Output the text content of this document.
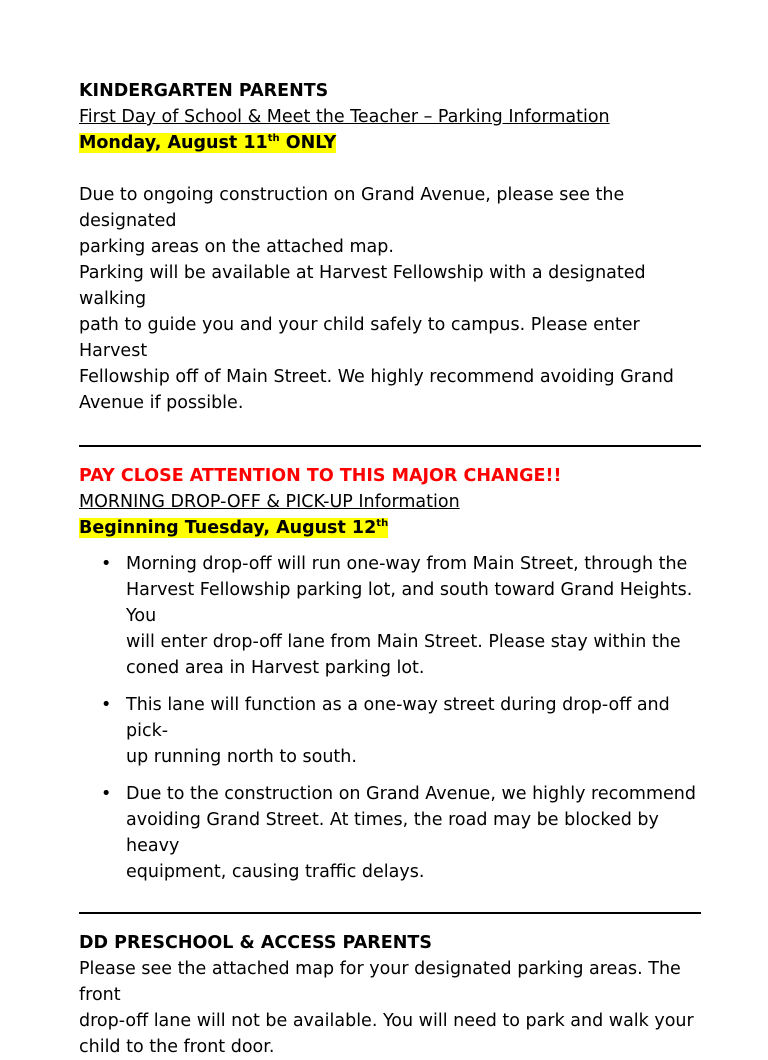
KINDERGARTEN PARENTS

First Day of School & Meet the Teacher – Parking Information

Monday, August 11th ONLY

Due to ongoing construction on Grand Avenue, please see the designated
parking areas on the attached map.

Parking will be available at Harvest Fellowship with a designated walking
path to guide you and your child safely to campus. Please enter Harvest
Fellowship off of Main Street. We highly recommend avoiding Grand
Avenue if possible.

PAY CLOSE ATTENTION TO THIS MAJOR CHANGE!!

MORNING DROP-OFF & PICK-UP Information

Beginning Tuesday, August 12th

• Morning drop-off will run one-way from Main Street, through the
Harvest Fellowship parking lot, and south toward Grand Heights. You
will enter drop-off lane from Main Street. Please stay within the
coned area in Harvest parking lot.
• This lane will function as a one-way street during drop-off and pick-
up running north to south.
• Due to the construction on Grand Avenue, we highly recommend
avoiding Grand Street. At times, the road may be blocked by heavy
equipment, causing traffic delays.

DD PRESCHOOL & ACCESS PARENTS

Please see the attached map for your designated parking areas. The front
drop-off lane will not be available. You will need to park and walk your
child to the front door.
